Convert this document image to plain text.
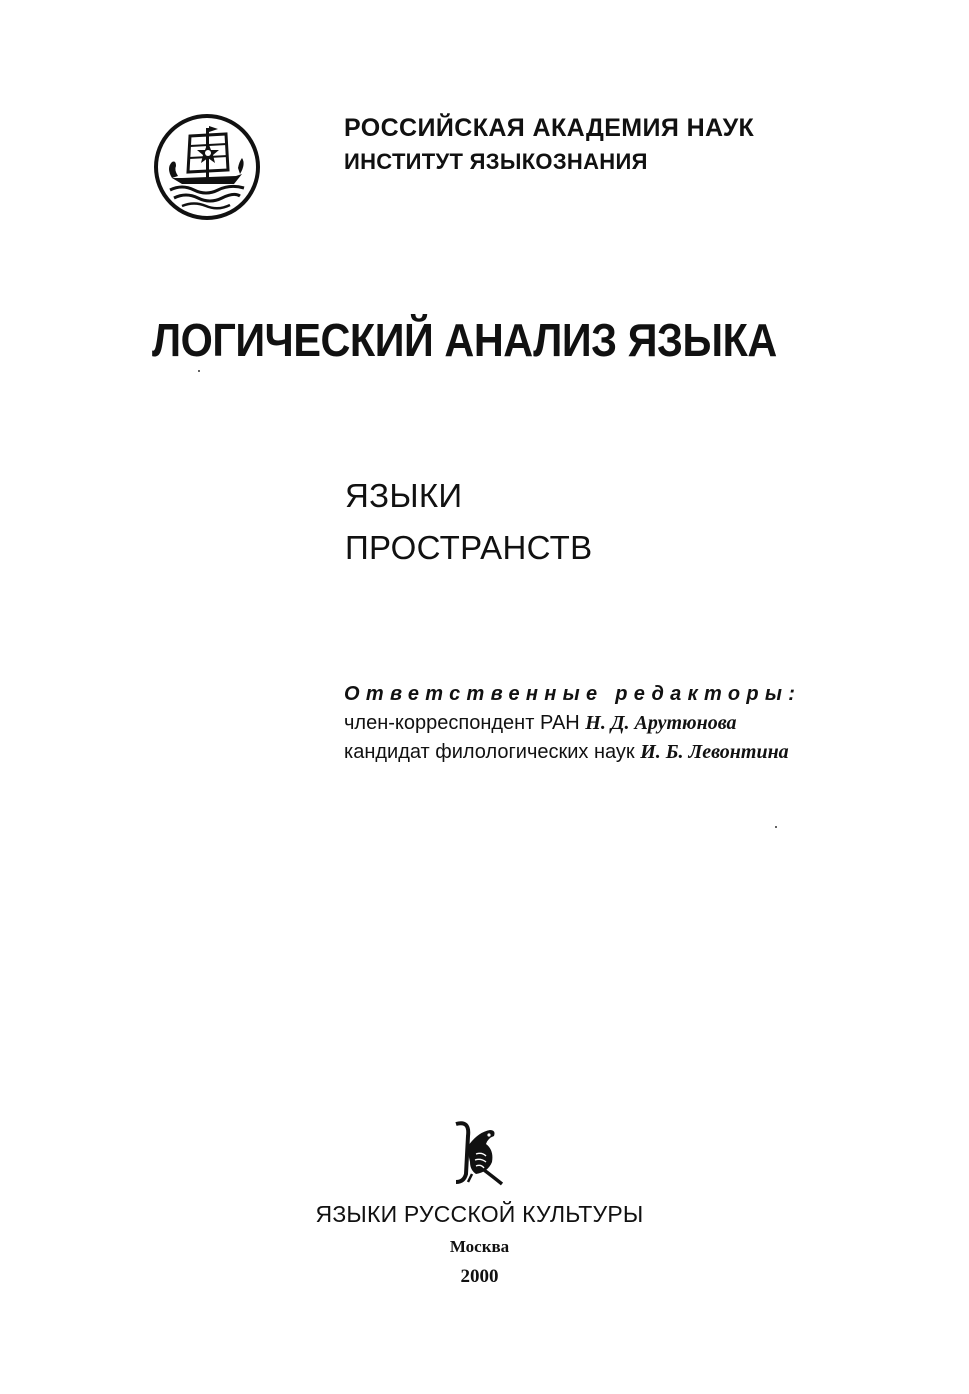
РОССИЙСКАЯ АКАДЕМИЯ НАУК
ИНСТИТУТ ЯЗЫКОЗНАНИЯ
ЛОГИЧЕСКИЙ АНАЛИЗ ЯЗЫКА
ЯЗЫКИ
ПРОСТРАНСТВ
Ответственные редакторы:
член-корреспондент РАН Н. Д. Арутюнова
кандидат филологических наук И. Б. Левонтина
ЯЗЫКИ РУССКОЙ КУЛЬТУРЫ
Москва
2000
